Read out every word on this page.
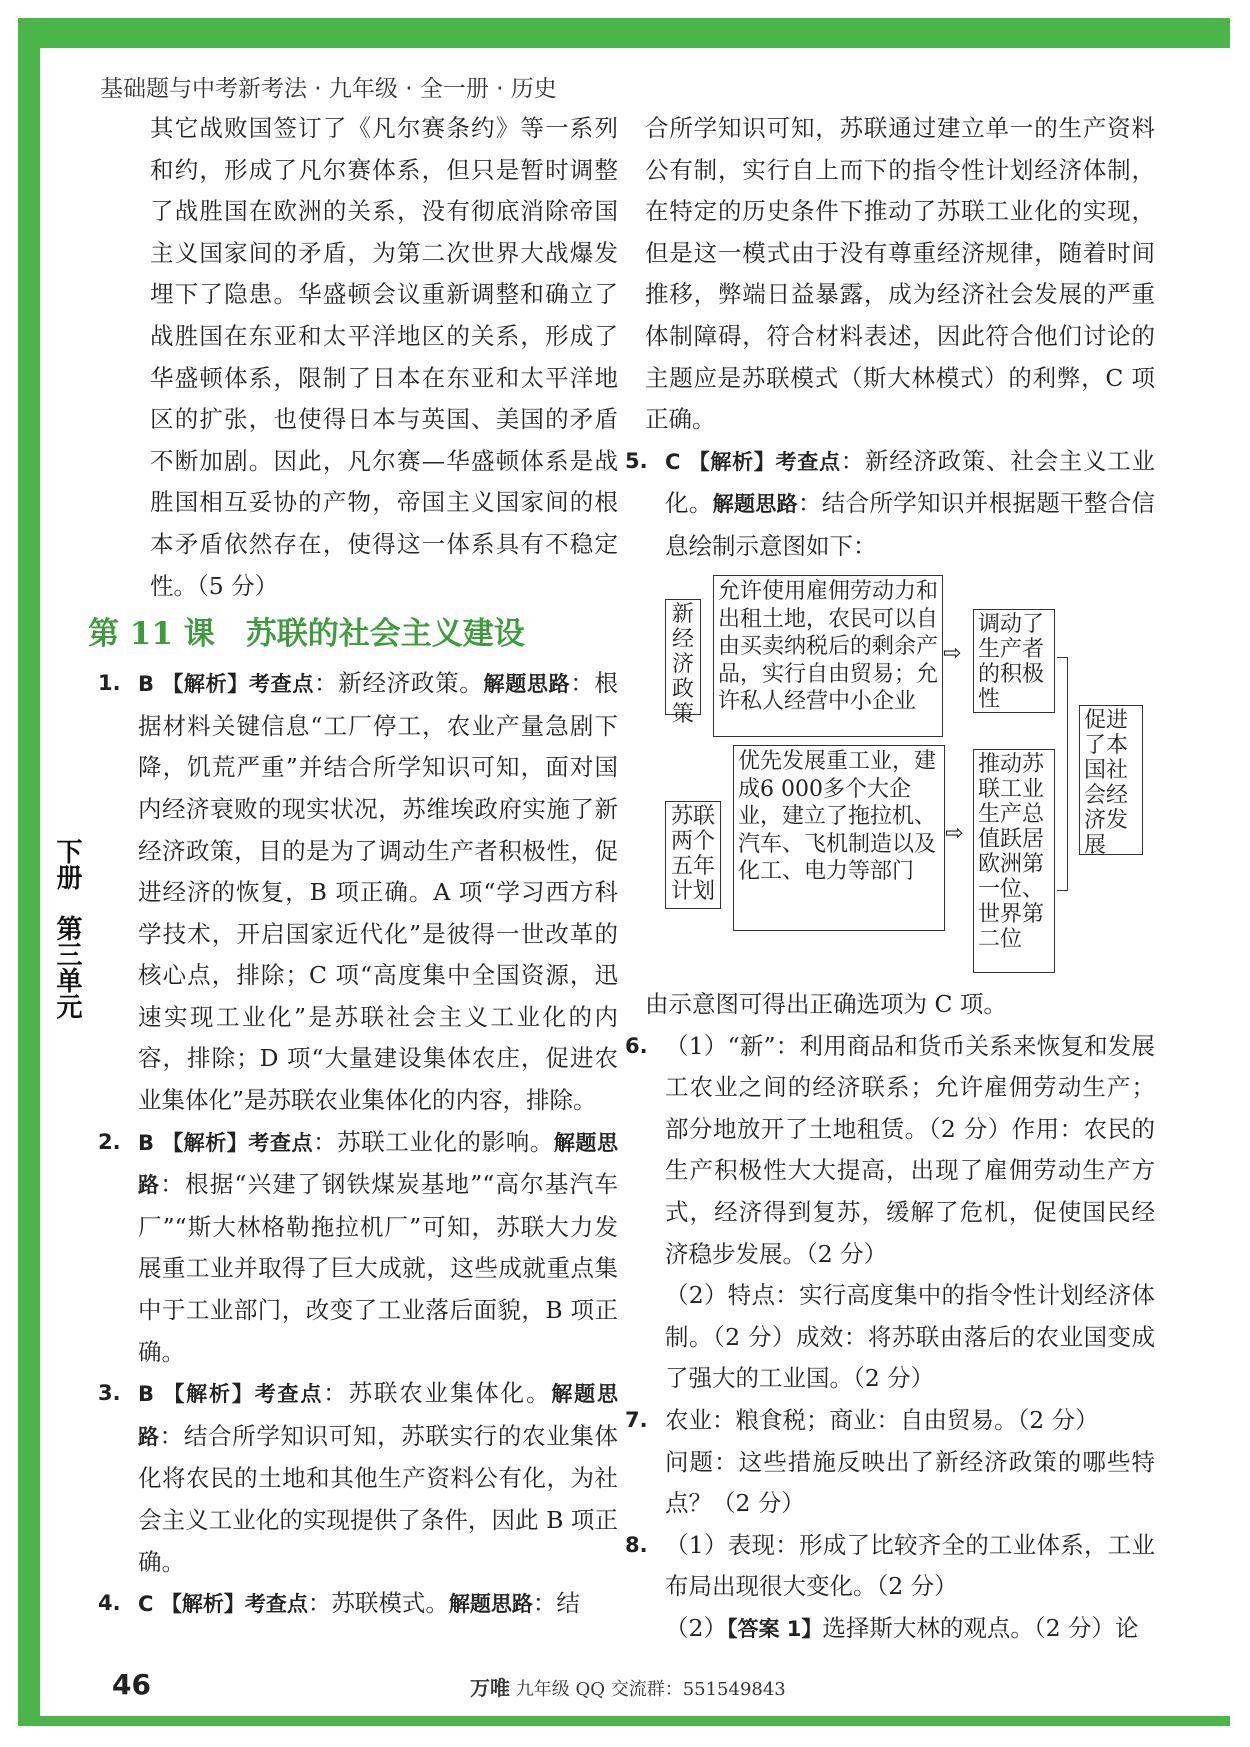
基础题与中考新考法 · 九年级 · 全一册 · 历史
下册
第三单元

其它战败国签订了《凡尔赛条约》等一系列和约，形成了凡尔赛体系，但只是暂时调整了战胜国在欧洲的关系，没有彻底消除帝国主义国家间的矛盾，为第二次世界大战爆发埋下了隐患。华盛顿会议重新调整和确立了战胜国在东亚和太平洋地区的关系，形成了华盛顿体系，限制了日本在东亚和太平洋地区的扩张，也使得日本与英国、美国的矛盾不断加剧。因此，凡尔赛—华盛顿体系是战胜国相互妥协的产物，帝国主义国家间的根本矛盾依然存在，使得这一体系具有不稳定性。（5 分）

第 11 课　苏联的社会主义建设
1. B 【解析】考查点：新经济政策。解题思路：根据材料关键信息“工厂停工，农业产量急剧下降，饥荒严重”并结合所学知识可知，面对国内经济衰败的现实状况，苏维埃政府实施了新经济政策，目的是为了调动生产者积极性，促进经济的恢复，B 项正确。A 项“学习西方科学技术，开启国家近代化”是彼得一世改革的核心点，排除；C 项“高度集中全国资源，迅速实现工业化”是苏联社会主义工业化的内容，排除；D 项“大量建设集体农庄，促进农业集体化”是苏联农业集体化的内容，排除。
2. B 【解析】考查点：苏联工业化的影响。解题思路：根据“兴建了钢铁煤炭基地”“高尔基汽车厂”“斯大林格勒拖拉机厂”可知，苏联大力发展重工业并取得了巨大成就，这些成就重点集中于工业部门，改变了工业落后面貌，B 项正确。
3. B 【解析】考查点：苏联农业集体化。解题思路：结合所学知识可知，苏联实行的农业集体化将农民的土地和其他生产资料公有化，为社会主义工业化的实现提供了条件，因此 B 项正确。
4. C 【解析】考查点：苏联模式。解题思路：结

合所学知识可知，苏联通过建立单一的生产资料公有制，实行自上而下的指令性计划经济体制，在特定的历史条件下推动了苏联工业化的实现，但是这一模式由于没有尊重经济规律，随着时间推移，弊端日益暴露，成为经济社会发展的严重体制障碍，符合材料表述，因此符合他们讨论的主题应是苏联模式（斯大林模式）的利弊，C 项正确。

5. C 【解析】考查点：新经济政策、社会主义工业化。解题思路：结合所学知识并根据题干整合信息绘制示意图如下：
新经济政策
允许使用雇佣劳动力和出租土地，农民可以自由买卖纳税后的剩余产品，实行自由贸易；允许私人经营中小企业
⇨
调动了生产者的积极性
苏联两个五年计划
优先发展重工业，建成6 000多个大企业，建立了拖拉机、汽车、飞机制造以及化工、电力等部门
⇨
推动苏联工业生产总值跃居欧洲第一位、世界第二位
促进了本国社会经济发展

由示意图可得出正确选项为 C 项。

6. （1）“新”：利用商品和货币关系来恢复和发展工农业之间的经济联系；允许雇佣劳动生产；部分地放开了土地租赁。（2 分）作用：农民的生产积极性大大提高，出现了雇佣劳动生产方式，经济得到复苏，缓解了危机，促使国民经济稳步发展。（2 分）

（2）特点：实行高度集中的指令性计划经济体制。（2 分）成效：将苏联由落后的农业国变成了强大的工业国。（2 分）

7. 农业：粮食税；商业：自由贸易。（2 分）

问题：这些措施反映出了新经济政策的哪些特点？（2 分）

8. （1）表现：形成了比较齐全的工业体系，工业布局出现很大变化。（2 分）

（2）【答案 1】选择斯大林的观点。（2 分）论

46	万唯 九年级 QQ 交流群：551549843
